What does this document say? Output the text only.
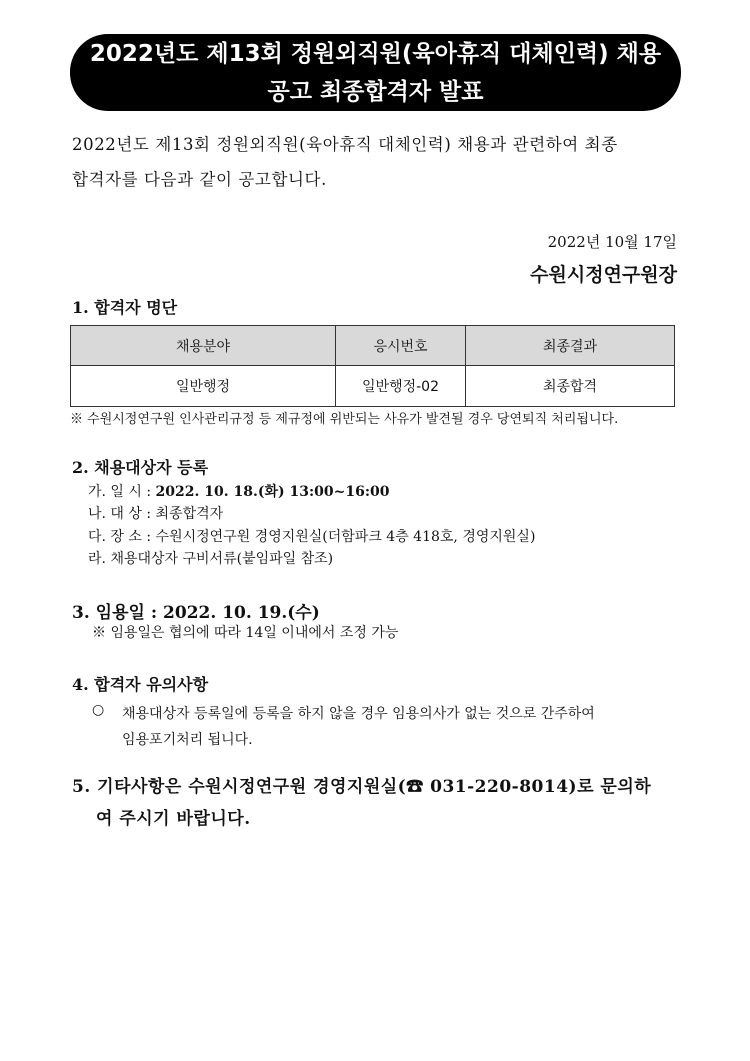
2022년도 제13회 정원외직원(육아휴직 대체인력) 채용
공고 최종합격자 발표
2022년도 제13회 정원외직원(육아휴직 대체인력) 채용과 관련하여 최종
합격자를 다음과 같이 공고합니다.
2022년 10월 17일
수원시정연구원장
1. 합격자 명단
채용분야	응시번호	최종결과
일반행정	일반행정-02	최종합격
※ 수원시정연구원 인사관리규정 등 제규정에 위반되는 사유가 발견될 경우 당연퇴직 처리됩니다.
2. 채용대상자 등록
가. 일 시 : 2022. 10. 18.(화) 13:00~16:00
나. 대 상 : 최종합격자
다. 장 소 : 수원시정연구원 경영지원실(더함파크 4층 418호, 경영지원실)
라. 채용대상자 구비서류(붙임파일 참조)
3. 임용일 : 2022. 10. 19.(수)
※ 임용일은 협의에 따라 14일 이내에서 조정 가능
4. 합격자 유의사항
○ 채용대상자 등록일에 등록을 하지 않을 경우 임용의사가 없는 것으로 간주하여
임용포기처리 됩니다.
5. 기타사항은 수원시정연구원 경영지원실(☎ 031-220-8014)로 문의하
여 주시기 바랍니다.
